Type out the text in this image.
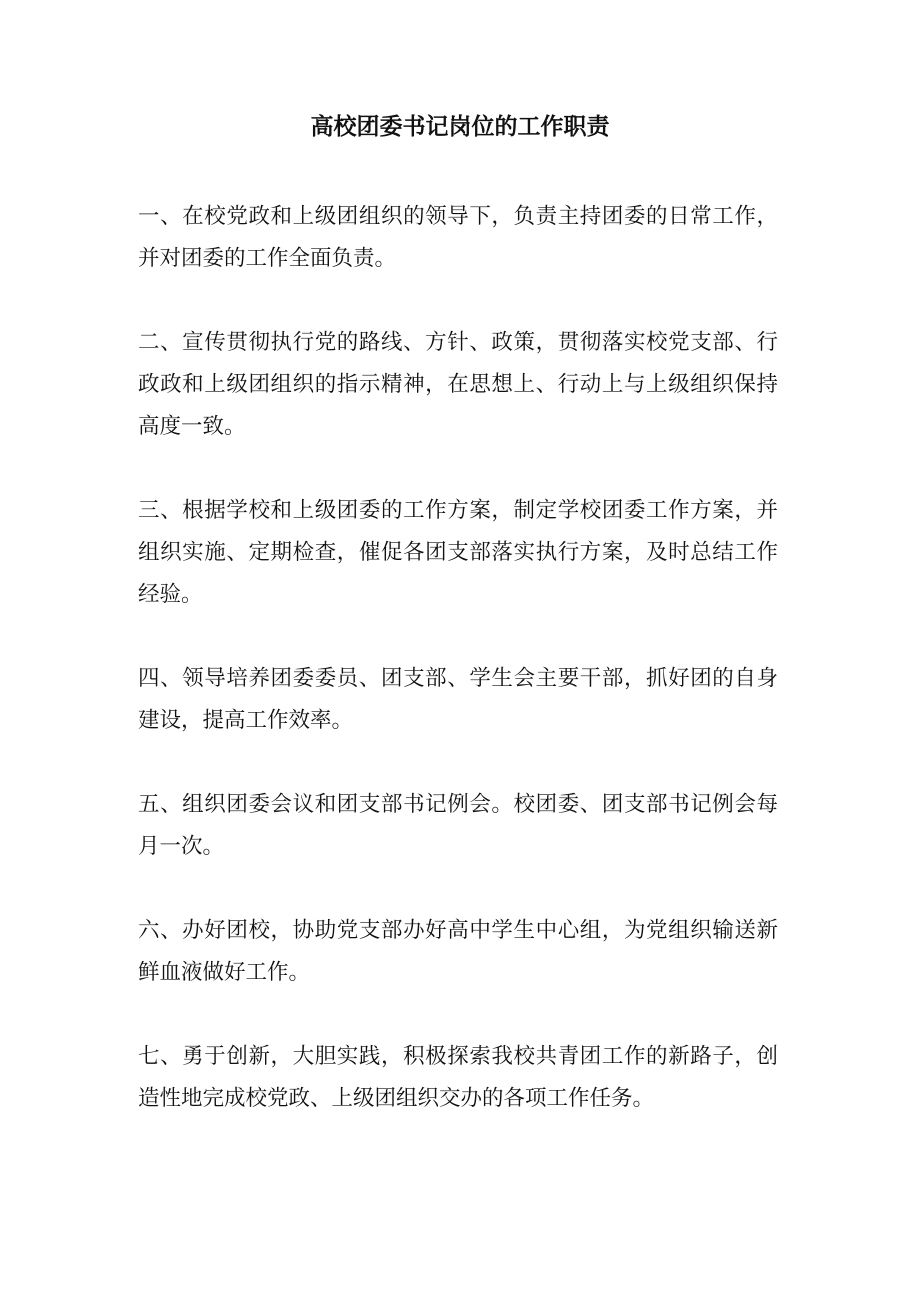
高校团委书记岗位的工作职责

一、在校党政和上级团组织的领导下，负责主持团委的日常工作，并对团委的工作全面负责。

二、宣传贯彻执行党的路线、方针、政策，贯彻落实校党支部、行政政和上级团组织的指示精神，在思想上、行动上与上级组织保持高度一致。

三、根据学校和上级团委的工作方案，制定学校团委工作方案，并组织实施、定期检查，催促各团支部落实执行方案，及时总结工作经验。

四、领导培养团委委员、团支部、学生会主要干部，抓好团的自身建设，提高工作效率。

五、组织团委会议和团支部书记例会。校团委、团支部书记例会每月一次。

六、办好团校，协助党支部办好高中学生中心组，为党组织输送新鲜血液做好工作。

七、勇于创新，大胆实践，积极探索我校共青团工作的新路子，创造性地完成校党政、上级团组织交办的各项工作任务。
